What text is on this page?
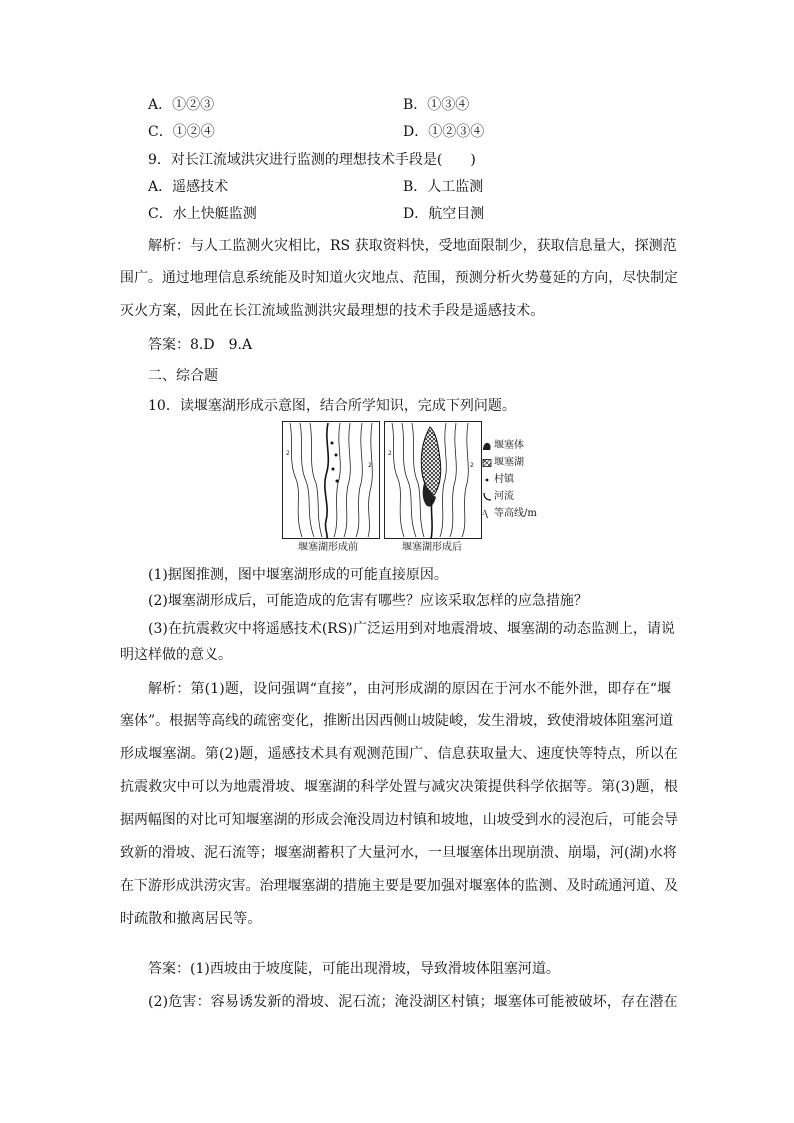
A．①②③	B．①③④
C．①②④	D．①②③④
9．对长江流域洪灾进行监测的理想技术手段是(　　)
A．遥感技术	B．人工监测
C．水上快艇监测	D．航空目测
解析：与人工监测火灾相比，RS 获取资料快，受地面限制少，获取信息量大，探测范
围广。通过地理信息系统能及时知道火灾地点、范围，预测分析火势蔓延的方向，尽快制定
灭火方案，因此在长江流域监测洪灾最理想的技术手段是遥感技术。
答案：8.D　9.A
二、综合题
10．读堰塞湖形成示意图，结合所学知识，完成下列问题。
2
2
2
2
堰塞湖形成前	堰塞湖形成后
堰塞体
堰塞湖
村镇
河流
2 等高线/m
(1)据图推测，图中堰塞湖形成的可能直接原因。
(2)堰塞湖形成后，可能造成的危害有哪些？应该采取怎样的应急措施？
(3)在抗震救灾中将遥感技术(RS)广泛运用到对地震滑坡、堰塞湖的动态监测上，请说
明这样做的意义。
解析：第(1)题，设问强调“直接”，由河形成湖的原因在于河水不能外泄，即存在“堰
塞体”。根据等高线的疏密变化，推断出因西侧山坡陡峻，发生滑坡，致使滑坡体阻塞河道
形成堰塞湖。第(2)题，遥感技术具有观测范围广、信息获取量大、速度快等特点，所以在
抗震救灾中可以为地震滑坡、堰塞湖的科学处置与减灾决策提供科学依据等。第(3)题，根
据两幅图的对比可知堰塞湖的形成会淹没周边村镇和坡地，山坡受到水的浸泡后，可能会导
致新的滑坡、泥石流等；堰塞湖蓄积了大量河水，一旦堰塞体出现崩溃、崩塌，河(湖)水将
在下游形成洪涝灾害。治理堰塞湖的措施主要是要加强对堰塞体的监测、及时疏通河道、及
时疏散和撤离居民等。
答案：(1)西坡由于坡度陡，可能出现滑坡，导致滑坡体阻塞河道。
(2)危害：容易诱发新的滑坡、泥石流；淹没湖区村镇；堰塞体可能被破坏，存在潜在
